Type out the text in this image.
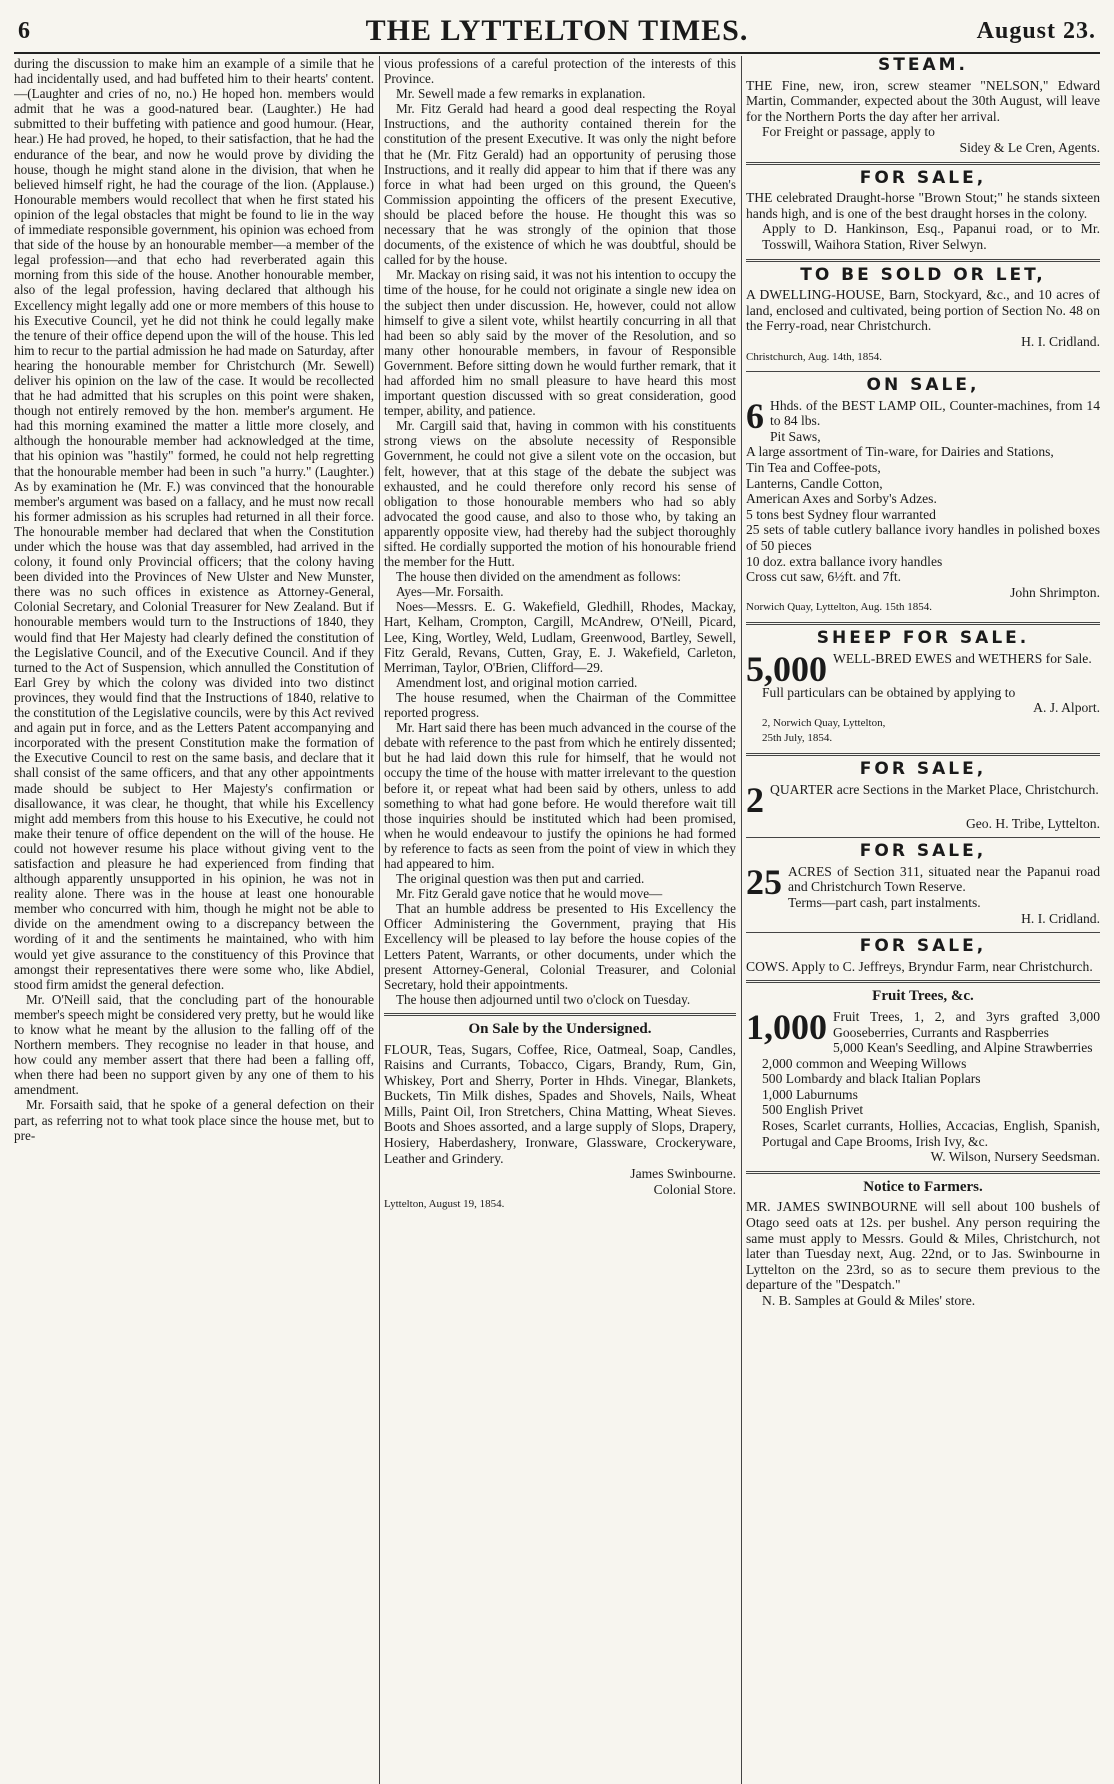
6	THE LYTTELTON TIMES.	August 23.

during the discussion to make him an example of a simile that he had incidentally used, and had buffeted him to their hearts' content.—(Laughter and cries of no, no.) He hoped hon. members would admit that he was a good-natured bear. (Laughter.) He had submitted to their buffeting with patience and good humour. (Hear, hear.) He had proved, he hoped, to their satisfaction, that he had the endurance of the bear, and now he would prove by dividing the house, though he might stand alone in the division, that when he believed himself right, he had the courage of the lion. (Applause.) Honourable members would recollect that when he first stated his opinion of the legal obstacles that might be found to lie in the way of immediate responsible government, his opinion was echoed from that side of the house by an honourable member—a member of the legal profession—and that echo had reverberated again this morning from this side of the house. Another honourable member, also of the legal profession, having declared that although his Excellency might legally add one or more members of this house to his Executive Council, yet he did not think he could legally make the tenure of their office depend upon the will of the house. This led him to recur to the partial admission he had made on Saturday, after hearing the honourable member for Christchurch (Mr. Sewell) deliver his opinion on the law of the case. It would be recollected that he had admitted that his scruples on this point were shaken, though not entirely removed by the hon. member's argument. He had this morning examined the matter a little more closely, and although the honourable member had acknowledged at the time, that his opinion was "hastily" formed, he could not help regretting that the honourable member had been in such "a hurry." (Laughter.) As by examination he (Mr. F.) was convinced that the honourable member's argument was based on a fallacy, and he must now recall his former admission as his scruples had returned in all their force. The honourable member had declared that when the Constitution under which the house was that day assembled, had arrived in the colony, it found only Provincial officers; that the colony having been divided into the Provinces of New Ulster and New Munster, there was no such offices in existence as Attorney-General, Colonial Secretary, and Colonial Treasurer for New Zealand. But if honourable members would turn to the Instructions of 1840, they would find that Her Majesty had clearly defined the constitution of the Legislative Council, and of the Executive Council. And if they turned to the Act of Suspension, which annulled the Constitution of Earl Grey by which the colony was divided into two distinct provinces, they would find that the Instructions of 1840, relative to the constitution of the Legislative councils, were by this Act revived and again put in force, and as the Letters Patent accompanying and incorporated with the present Constitution make the formation of the Executive Council to rest on the same basis, and declare that it shall consist of the same officers, and that any other appointments made should be subject to Her Majesty's confirmation or disallowance, it was clear, he thought, that while his Excellency might add members from this house to his Executive, he could not make their tenure of office dependent on the will of the house. He could not however resume his place without giving vent to the satisfaction and pleasure he had experienced from finding that although apparently unsupported in his opinion, he was not in reality alone. There was in the house at least one honourable member who concurred with him, though he might not be able to divide on the amendment owing to a discrepancy between the wording of it and the sentiments he maintained, who with him would yet give assurance to the constituency of this Province that amongst their representatives there were some who, like Abdiel, stood firm amidst the general defection.

Mr. O'Neill said, that the concluding part of the honourable member's speech might be considered very pretty, but he would like to know what he meant by the allusion to the falling off of the Northern members. They recognise no leader in that house, and how could any member assert that there had been a falling off, when there had been no support given by any one of them to his amendment.

Mr. Forsaith said, that he spoke of a general defection on their part, as referring not to what took place since the house met, but to pre-

vious professions of a careful protection of the interests of this Province.

Mr. Sewell made a few remarks in explanation.

Mr. Fitz Gerald had heard a good deal respecting the Royal Instructions, and the authority contained therein for the constitution of the present Executive. It was only the night before that he (Mr. Fitz Gerald) had an opportunity of perusing those Instructions, and it really did appear to him that if there was any force in what had been urged on this ground, the Queen's Commission appointing the officers of the present Executive, should be placed before the house. He thought this was so necessary that he was strongly of the opinion that those documents, of the existence of which he was doubtful, should be called for by the house.

Mr. Mackay on rising said, it was not his intention to occupy the time of the house, for he could not originate a single new idea on the subject then under discussion. He, however, could not allow himself to give a silent vote, whilst heartily concurring in all that had been so ably said by the mover of the Resolution, and so many other honourable members, in favour of Responsible Government. Before sitting down he would further remark, that it had afforded him no small pleasure to have heard this most important question discussed with so great consideration, good temper, ability, and patience.

Mr. Cargill said that, having in common with his constituents strong views on the absolute necessity of Responsible Government, he could not give a silent vote on the occasion, but felt, however, that at this stage of the debate the subject was exhausted, and he could therefore only record his sense of obligation to those honourable members who had so ably advocated the good cause, and also to those who, by taking an apparently opposite view, had thereby had the subject thoroughly sifted. He cordially supported the motion of his honourable friend the member for the Hutt.

The house then divided on the amendment as follows:

Ayes—Mr. Forsaith.

Noes—Messrs. E. G. Wakefield, Gledhill, Rhodes, Mackay, Hart, Kelham, Crompton, Cargill, McAndrew, O'Neill, Picard, Lee, King, Wortley, Weld, Ludlam, Greenwood, Bartley, Sewell, Fitz Gerald, Revans, Cutten, Gray, E. J. Wakefield, Carleton, Merriman, Taylor, O'Brien, Clifford—29.

Amendment lost, and original motion carried.

The house resumed, when the Chairman of the Committee reported progress.

Mr. Hart said there has been much advanced in the course of the debate with reference to the past from which he entirely dissented; but he had laid down this rule for himself, that he would not occupy the time of the house with matter irrelevant to the question before it, or repeat what had been said by others, unless to add something to what had gone before. He would therefore wait till those inquiries should be instituted which had been promised, when he would endeavour to justify the opinions he had formed by reference to facts as seen from the point of view in which they had appeared to him.

The original question was then put and carried.

Mr. Fitz Gerald gave notice that he would move—

That an humble address be presented to His Excellency the Officer Administering the Government, praying that His Excellency will be pleased to lay before the house copies of the Letters Patent, Warrants, or other documents, under which the present Attorney-General, Colonial Treasurer, and Colonial Secretary, hold their appointments.

The house then adjourned until two o'clock on Tuesday.

On Sale by the Undersigned.

FLOUR, Teas, Sugars, Coffee, Rice, Oatmeal, Soap, Candles, Raisins and Currants, Tobacco, Cigars, Brandy, Rum, Gin, Whiskey, Port and Sherry, Porter in Hhds. Vinegar, Blankets, Buckets, Tin Milk dishes, Spades and Shovels, Nails, Wheat Mills, Paint Oil, Iron Stretchers, China Matting, Wheat Sieves. Boots and Shoes assorted, and a large supply of Slops, Drapery, Hosiery, Haberdashery, Ironware, Glassware, Crockeryware, Leather and Grindery.

James Swinbourne.

Colonial Store.

Lyttelton, August 19, 1854.

STEAM.

THE Fine, new, iron, screw steamer "NELSON," Edward Martin, Commander, expected about the 30th August, will leave for the Northern Ports the day after her arrival.

For Freight or passage, apply to

Sidey & Le Cren, Agents.

FOR SALE,

THE celebrated Draught-horse "Brown Stout;" he stands sixteen hands high, and is one of the best draught horses in the colony.

Apply to D. Hankinson, Esq., Papanui road, or to Mr. Tosswill, Waihora Station, River Selwyn.

TO BE SOLD OR LET,

A DWELLING-HOUSE, Barn, Stockyard, &c., and 10 acres of land, enclosed and cultivated, being portion of Section No. 48 on the Ferry-road, near Christchurch.

H. I. Cridland.

Christchurch, Aug. 14th, 1854.

ON SALE,
6 Hhds. of the BEST LAMP OIL, Counter-machines, from 14 to 84 lbs.

Pit Saws,

A large assortment of Tin-ware, for Dairies and Stations,

Tin Tea and Coffee-pots,

Lanterns, Candle Cotton,

American Axes and Sorby's Adzes.

5 tons best Sydney flour warranted

25 sets of table cutlery ballance ivory handles in polished boxes of 50 pieces

10 doz. extra ballance ivory handles

Cross cut saw, 6½ft. and 7ft.

John Shrimpton.

Norwich Quay, Lyttelton, Aug. 15th 1854.

SHEEP FOR SALE.
5,000 WELL-BRED EWES and WETHERS for Sale.

Full particulars can be obtained by applying to

A. J. Alport.

2, Norwich Quay, Lyttelton,

25th July, 1854.

FOR SALE,
2 QUARTER acre Sections in the Market Place, Christchurch.

Geo. H. Tribe, Lyttelton.

FOR SALE,
25 ACRES of Section 311, situated near the Papanui road and Christchurch Town Reserve.

Terms—part cash, part instalments.

H. I. Cridland.

FOR SALE,

COWS. Apply to C. Jeffreys, Bryndur Farm, near Christchurch.

Fruit Trees, &c.
1,000 Fruit Trees, 1, 2, and 3yrs grafted 3,000 Gooseberries, Currants and Raspberries

5,000 Kean's Seedling, and Alpine Strawberries

2,000 common and Weeping Willows

500 Lombardy and black Italian Poplars

1,000 Laburnums

500 English Privet

Roses, Scarlet currants, Hollies, Accacias, English, Spanish, Portugal and Cape Brooms, Irish Ivy, &c.

W. Wilson, Nursery Seedsman.

Notice to Farmers.

MR. JAMES SWINBOURNE will sell about 100 bushels of Otago seed oats at 12s. per bushel. Any person requiring the same must apply to Messrs. Gould & Miles, Christchurch, not later than Tuesday next, Aug. 22nd, or to Jas. Swinbourne in Lyttelton on the 23rd, so as to secure them previous to the departure of the "Despatch."

N. B. Samples at Gould & Miles' store.
